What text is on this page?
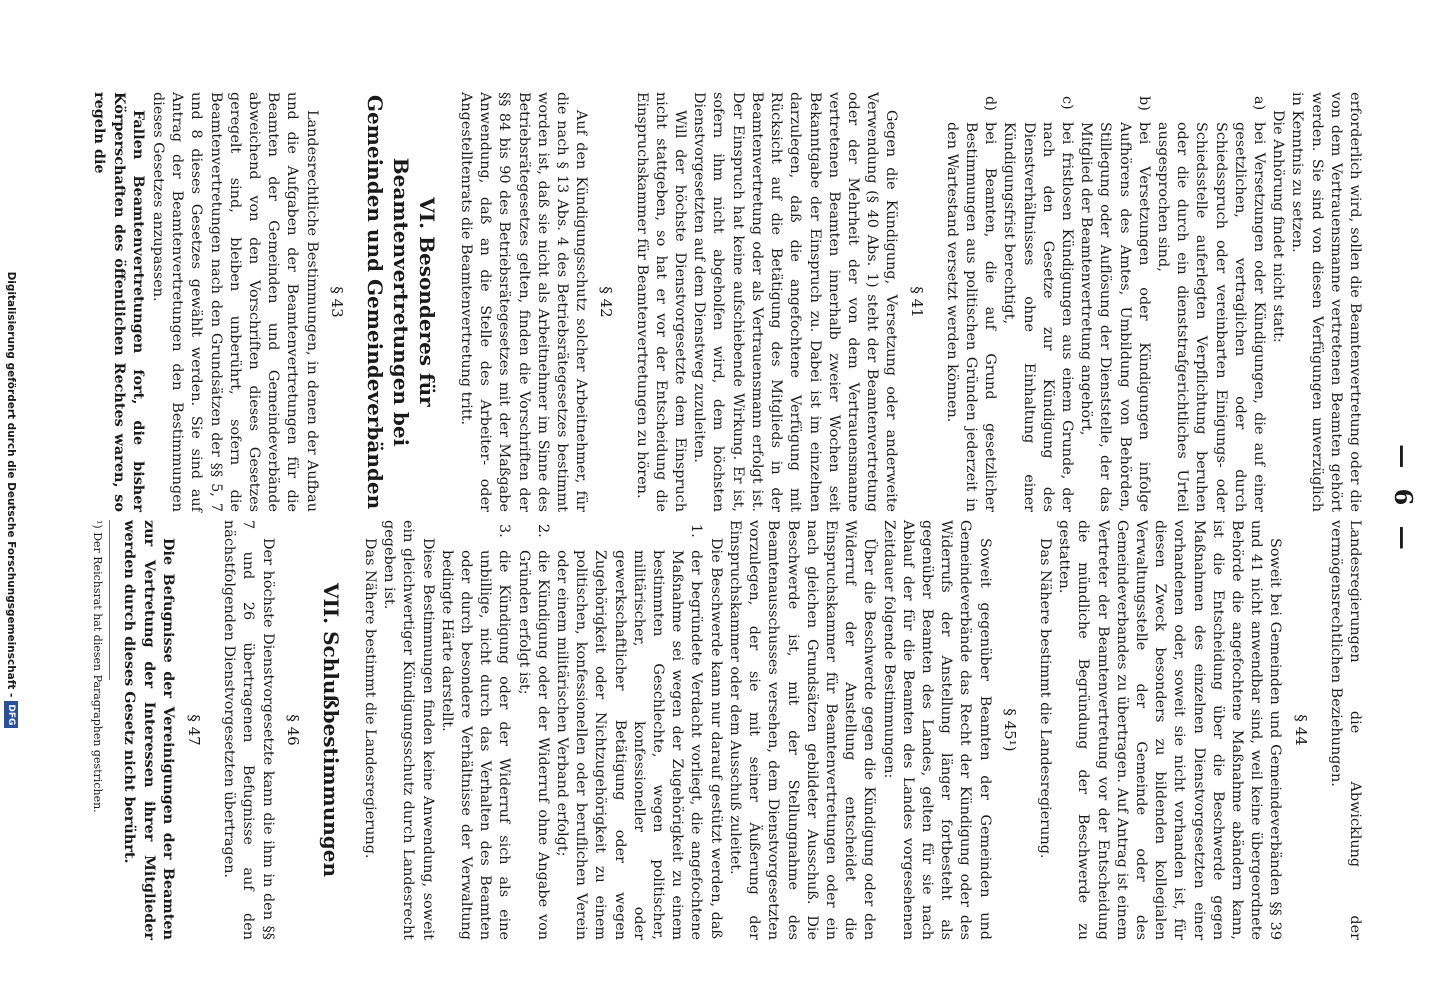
— 6 —

erforderlich wird, sollen die Beamtenvertretung oder die von dem Vertrauensmanne vertretenen Beamten gehört werden. Sie sind von diesen Verfügungen unverzüglich in Kenntnis zu setzen.

Die Anhörung findet nicht statt:

a)
bei Versetzungen oder Kündigungen, die auf einer gesetzlichen, vertraglichen oder durch Schiedsspruch oder vereinbarten Einigungs- oder Schiedsstelle auferlegten Verpflichtung beruhen oder die durch ein dienststrafgerichtliches Urteil ausgesprochen sind,
b)
bei Versetzungen oder Kündigungen infolge Aufhörens des Amtes, Umbildung von Behörden, Stillegung oder Auflösung der Dienststelle, der das Mitglied der Beamtenvertretung angehört,
c)
bei fristlosen Kündigungen aus einem Grunde, der nach den Gesetze zur Kündigung des Dienstverhältnisses ohne Einhaltung einer Kündigungsfrist berechtigt,
d)
bei Beamten, die auf Grund gesetzlicher Bestimmungen aus politischen Gründen jederzeit in den Wartestand versetzt werden können.
§ 41

Gegen die Kündigung, Versetzung oder anderweite Verwendung (§ 40 Abs. 1) steht der Beamtenvertretung oder der Mehrheit der von dem Vertrauensmanne vertretenen Beamten innerhalb zweier Wochen seit Bekanntgabe der Einspruch zu. Dabei ist im einzelnen darzulegen, daß die angefochtene Verfügung mit Rücksicht auf die Betätigung des Mitglieds in der Beamtenvertretung oder als Vertrauensmann erfolgt ist. Der Einspruch hat keine aufschiebende Wirkung. Er ist, sofern ihm nicht abgeholfen wird, dem höchsten Dienstvorgesetzten auf dem Dienstweg zuzuleiten.

Will der höchste Dienstvorgesetzte dem Einspruch nicht stattgeben, so hat er vor der Entscheidung die Einspruchskammer für Beamtenvertretungen zu hören.

§ 42

Auf den Kündigungsschutz solcher Arbeitnehmer, für die nach § 13 Abs. 4 des Betriebsrätegesetzes bestimmt worden ist, daß sie nicht als Arbeitnehmer im Sinne des Betriebsrätegesetzes gelten, finden die Vorschriften der §§ 84 bis 90 des Betriebsrätegesetzes mit der Maßgabe Anwendung, daß an die Stelle des Arbeiter- oder Angestelltenrats die Beamtenvertretung tritt.

VI. Besonderes für Beamtenvertretungen bei Gemeinden und Gemeindeverbänden
§ 43

Landesrechtliche Bestimmungen, in denen der Aufbau und die Aufgaben der Beamtenvertretungen für die Beamten der Gemeinden und Gemeindeverbände abweichend von den Vorschriften dieses Gesetzes geregelt sind, bleiben unberührt, sofern die Beamtenvertretungen nach den Grundsätzen der §§ 5, 7 und 8 dieses Gesetzes gewählt werden. Sie sind auf Antrag der Beamtenvertretungen den Bestimmungen dieses Gesetzes anzupassen.

Fallen Beamtenvertretungen fort, die bisher Körperschaften des öffentlichen Rechtes waren, so regeln die

Landesregierungen die Abwicklung der vermögensrechtlichen Beziehungen.

§ 44

Soweit bei Gemeinden und Gemeindeverbänden §§ 39 und 41 nicht anwendbar sind, weil keine übergeordnete Behörde die angefochtene Maßnahme abändern kann, ist die Entscheidung über die Beschwerde gegen Maßnahmen des einzelnen Dienstvorgesetzten einer vorhandenen oder, soweit sie nicht vorhanden ist, für diesen Zweck besonders zu bildenden kollegialen Verwaltungsstelle der Gemeinde oder des Gemeindeverbandes zu übertragen. Auf Antrag ist einem Vertreter der Beamtenvertretung vor der Entscheidung die mündliche Begründung der Beschwerde zu gestatten.

Das Nähere bestimmt die Landesregierung.

§ 45¹)

Soweit gegenüber Beamten der Gemeinden und Gemeindeverbände das Recht der Kündigung oder des Widerrufs der Anstellung länger fortbesteht als gegenüber Beamten des Landes, gelten für sie nach Ablauf der für die Beamten des Landes vorgesehenen Zeitdauer folgende Bestimmungen:

Über die Beschwerde gegen die Kündigung oder den Widerruf der Anstellung entscheidet die Einspruchskammer für Beamtenvertretungen oder ein nach gleichen Grundsätzen gebildeter Ausschuß. Die Beschwerde ist, mit der Stellungnahme des Beamtenausschusses versehen, dem Dienstvorgesetzten vorzulegen, der sie mit seiner Äußerung der Einspruchskammer oder dem Ausschuß zuleitet.

Die Beschwerde kann nur darauf gestützt werden, daß

1.
der begründete Verdacht vorliegt, die angefochtene Maßnahme sei wegen der Zugehörigkeit zu einem bestimmten Geschlechte, wegen politischer, militärischer, konfessioneller oder gewerkschaftlicher Betätigung oder wegen Zugehörigkeit oder Nichtzugehörigkeit zu einem politischen, konfessionellen oder beruflichen Verein oder einem militärischen Verband erfolgt;
2.
die Kündigung oder der Widerruf ohne Angabe von Gründen erfolgt ist;
3.
die Kündigung oder der Widerruf sich als eine unbillige, nicht durch das Verhalten des Beamten oder durch besondere Verhältnisse der Verwaltung bedingte Härte darstellt.

Diese Bestimmungen finden keine Anwendung, soweit ein gleichwertiger Kündigungsschutz durch Landesrecht gegeben ist.

Das Nähere bestimmt die Landesregierung.

VII. Schlußbestimmungen
§ 46

Der höchste Dienstvorgesetzte kann die ihm in den §§ 7 und 26 übertragenen Befugnisse auf den nächstfolgenden Dienstvorgesetzten übertragen.

§ 47

Die Befugnisse der Vereinigungen der Beamten zur Vertretung der Interessen ihrer Mitglieder werden durch dieses Gesetz nicht berührt.

¹) Der Reichsrat hat diesen Paragraphen gestrichen.
Digitalisierung gefördert durch die Deutsche Forschungsgemeinschaft -DFG
